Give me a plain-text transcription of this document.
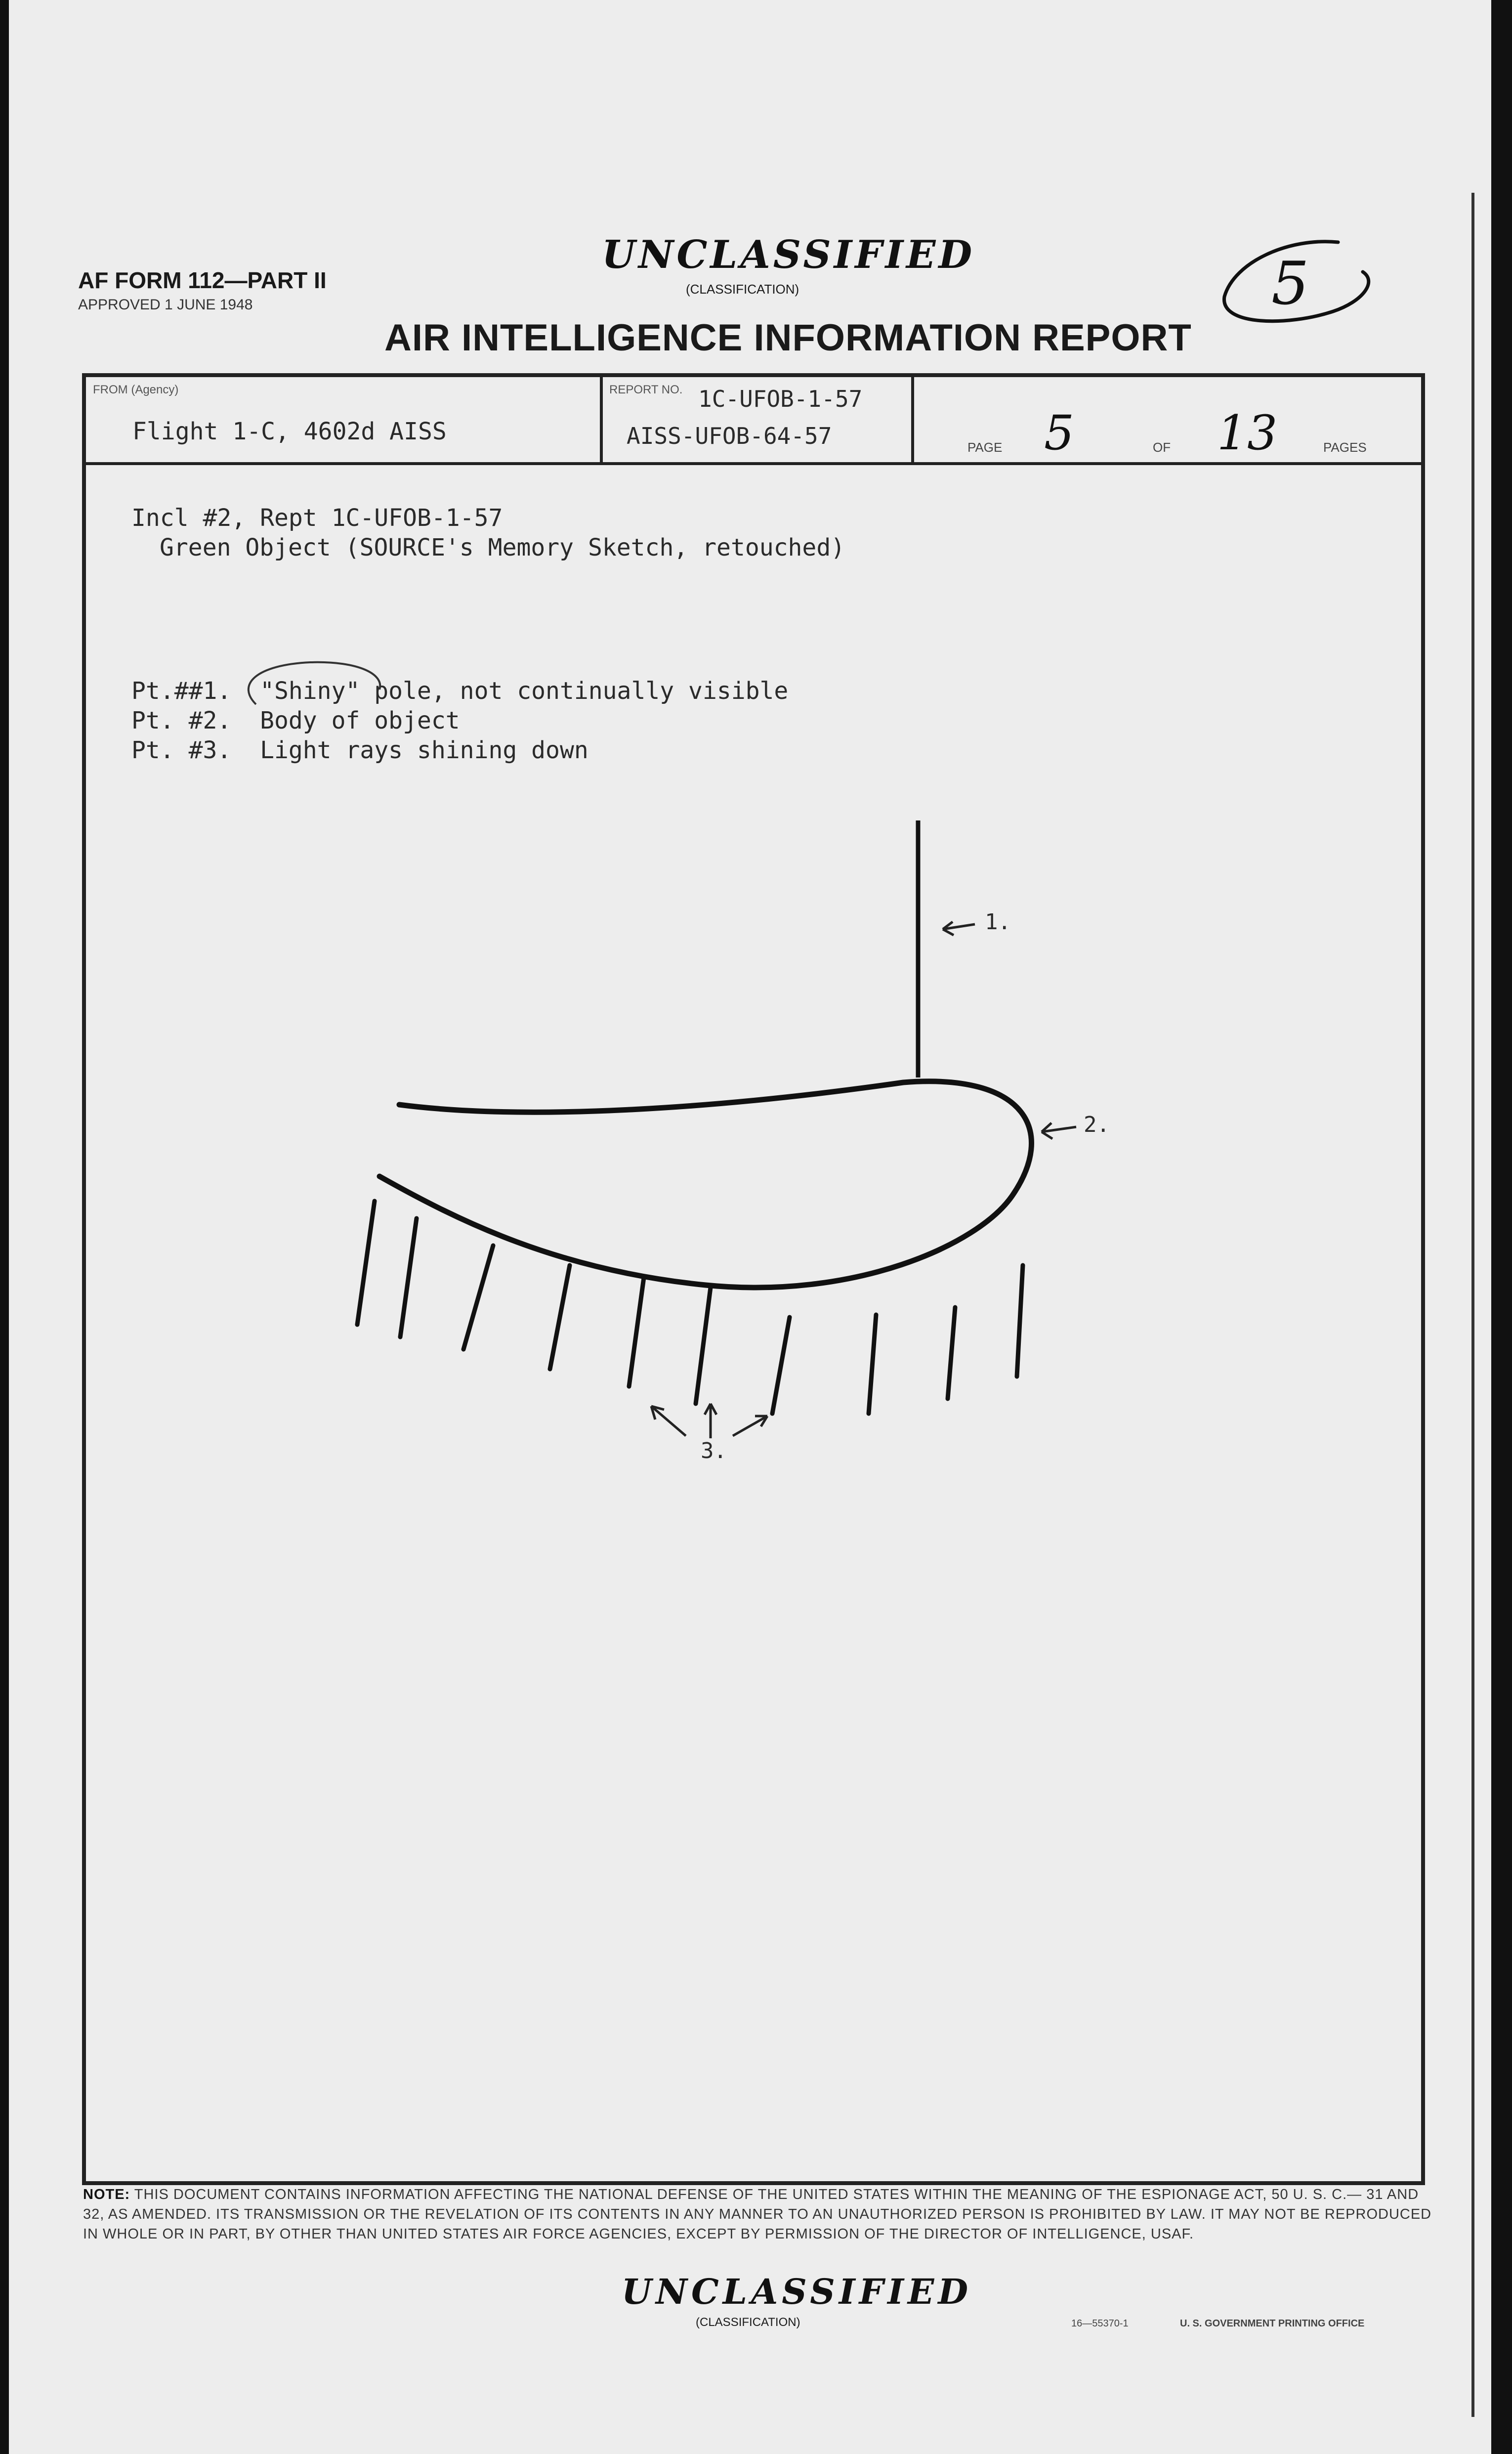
AF FORM 112—PART II
APPROVED 1 JUNE 1948
UNCLASSIFIED
(CLASSIFICATION)	5
AIR INTELLIGENCE INFORMATION REPORT
FROM (Agency)
Flight 1-C, 4602d AISS
REPORT NO. 1C-UFOB-1-57
AISS-UFOB-64-57	PAGE 5	OF 13	PAGES
Incl #2, Rept 1C-UFOB-1-57
Green Object (SOURCE's Memory Sketch, retouched)
Pt.##1.  "Shiny" pole, not continually visible
Pt. #2.  Body of object
Pt. #3.  Light rays shining down
1.
2.
3.
NOTE: THIS DOCUMENT CONTAINS INFORMATION AFFECTING THE NATIONAL DEFENSE OF THE UNITED STATES WITHIN THE MEANING OF THE ESPIONAGE ACT, 50 U. S. C.— 31 AND 32, AS AMENDED. ITS TRANSMISSION OR THE REVELATION OF ITS CONTENTS IN ANY MANNER TO AN UNAUTHORIZED PERSON IS PROHIBITED BY LAW. IT MAY NOT BE REPRODUCED IN WHOLE OR IN PART, BY OTHER THAN UNITED STATES AIR FORCE AGENCIES, EXCEPT BY PERMISSION OF THE DIRECTOR OF INTELLIGENCE, USAF.
UNCLASSIFIED
(CLASSIFICATION)	16—55370-1	U. S. GOVERNMENT PRINTING OFFICE
